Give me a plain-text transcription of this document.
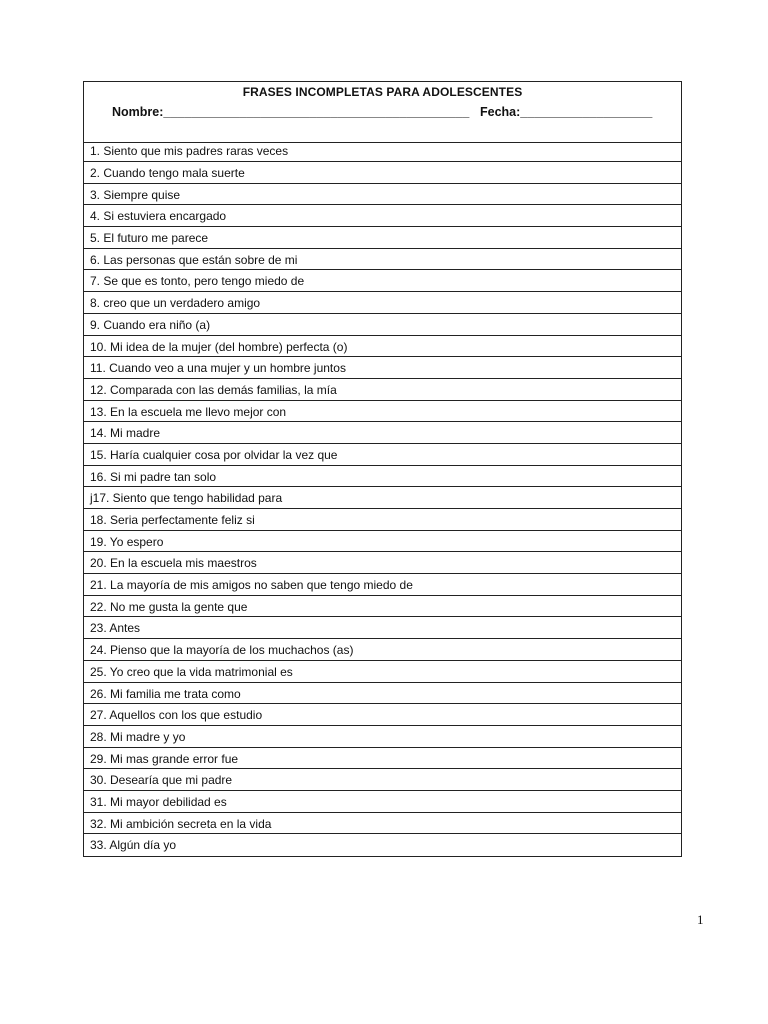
FRASES INCOMPLETAS PARA ADOLESCENTES
Nombre:____________________________________________ Fecha:___________________
1. Siento que mis padres raras veces
2. Cuando tengo mala suerte
3. Siempre quise
4. Si estuviera encargado
5. El futuro me parece
6. Las personas que están sobre de mi
7. Se que es tonto, pero tengo miedo de
8. creo que un verdadero amigo
9. Cuando era niño (a)
10. Mi idea de la mujer (del hombre) perfecta (o)
11. Cuando veo a una mujer y un hombre juntos
12. Comparada con las demás familias, la mía
13. En la escuela me llevo mejor con
14. Mi madre
15. Haría cualquier cosa por olvidar la vez que
16. Si mi padre tan solo
j17. Siento que tengo habilidad para
18. Seria perfectamente feliz si
19. Yo espero
20. En la escuela mis maestros
21. La mayoría de mis amigos no saben que tengo miedo de
22. No me gusta la gente que
23. Antes
24. Pienso que la mayoría de los muchachos (as)
25. Yo creo que la vida matrimonial es
26. Mi familia me trata como
27. Aquellos con los que estudio
28. Mi madre y yo
29. Mi mas grande error fue
30. Desearía que mi padre
31. Mi mayor debilidad es
32. Mi ambición secreta en la vida
33. Algún día yo
1
